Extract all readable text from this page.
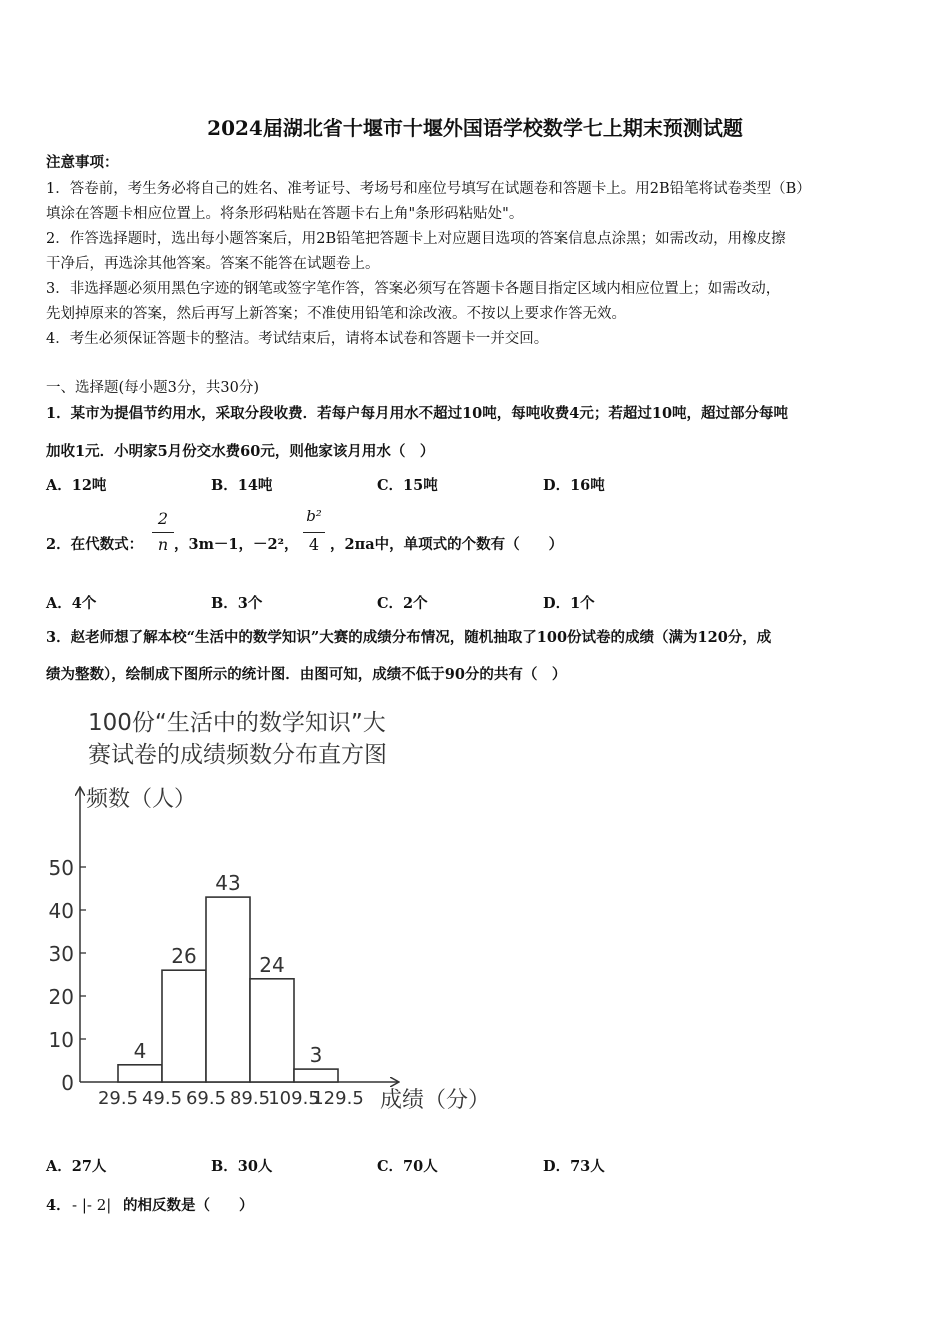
2024届湖北省十堰市十堰外国语学校数学七上期末预测试题
注意事项：
1．答卷前，考生务必将自己的姓名、准考证号、考场号和座位号填写在试题卷和答题卡上。用2B铅笔将试卷类型（B）
填涂在答题卡相应位置上。将条形码粘贴在答题卡右上角"条形码粘贴处"。
2．作答选择题时，选出每小题答案后，用2B铅笔把答题卡上对应题目选项的答案信息点涂黑；如需改动，用橡皮擦
干净后，再选涂其他答案。答案不能答在试题卷上。
3．非选择题必须用黑色字迹的钢笔或签字笔作答，答案必须写在答题卡各题目指定区域内相应位置上；如需改动，
先划掉原来的答案，然后再写上新答案；不准使用铅笔和涂改液。不按以上要求作答无效。
4．考生必须保证答题卡的整洁。考试结束后，请将本试卷和答题卡一并交回。
一、选择题(每小题3分，共30分)
1．某市为提倡节约用水，采取分段收费．若每户每月用水不超过10吨，每吨收费4元；若超过10吨，超过部分每吨
加收1元．小明家5月份交水费60元，则他家该月用水（　）
A．12吨	B．14吨	C．15吨	D．16吨
2．在代数式：
2
n ，3m－1，－2²，
b²
4 ，2πa中，单项式的个数有（　　）
A．4个	B．3个	C．2个	D．1个
3．赵老师想了解本校“生活中的数学知识”大赛的成绩分布情况，随机抽取了100份试卷的成绩（满为120分，成
绩为整数），绘制成下图所示的统计图．由图可知，成绩不低于90分的共有（　）
100份“生活中的数学知识”大
赛试卷的成绩频数分布直方图
频数（人）
成绩（分）
0
10
20
30
40
50
4
26
43
24
3
29.5 49.5 69.5 89.5
109.5
129.5
A．27人	B．30人	C．70人	D．73人
4． - |- 2| 的相反数是（　　）
